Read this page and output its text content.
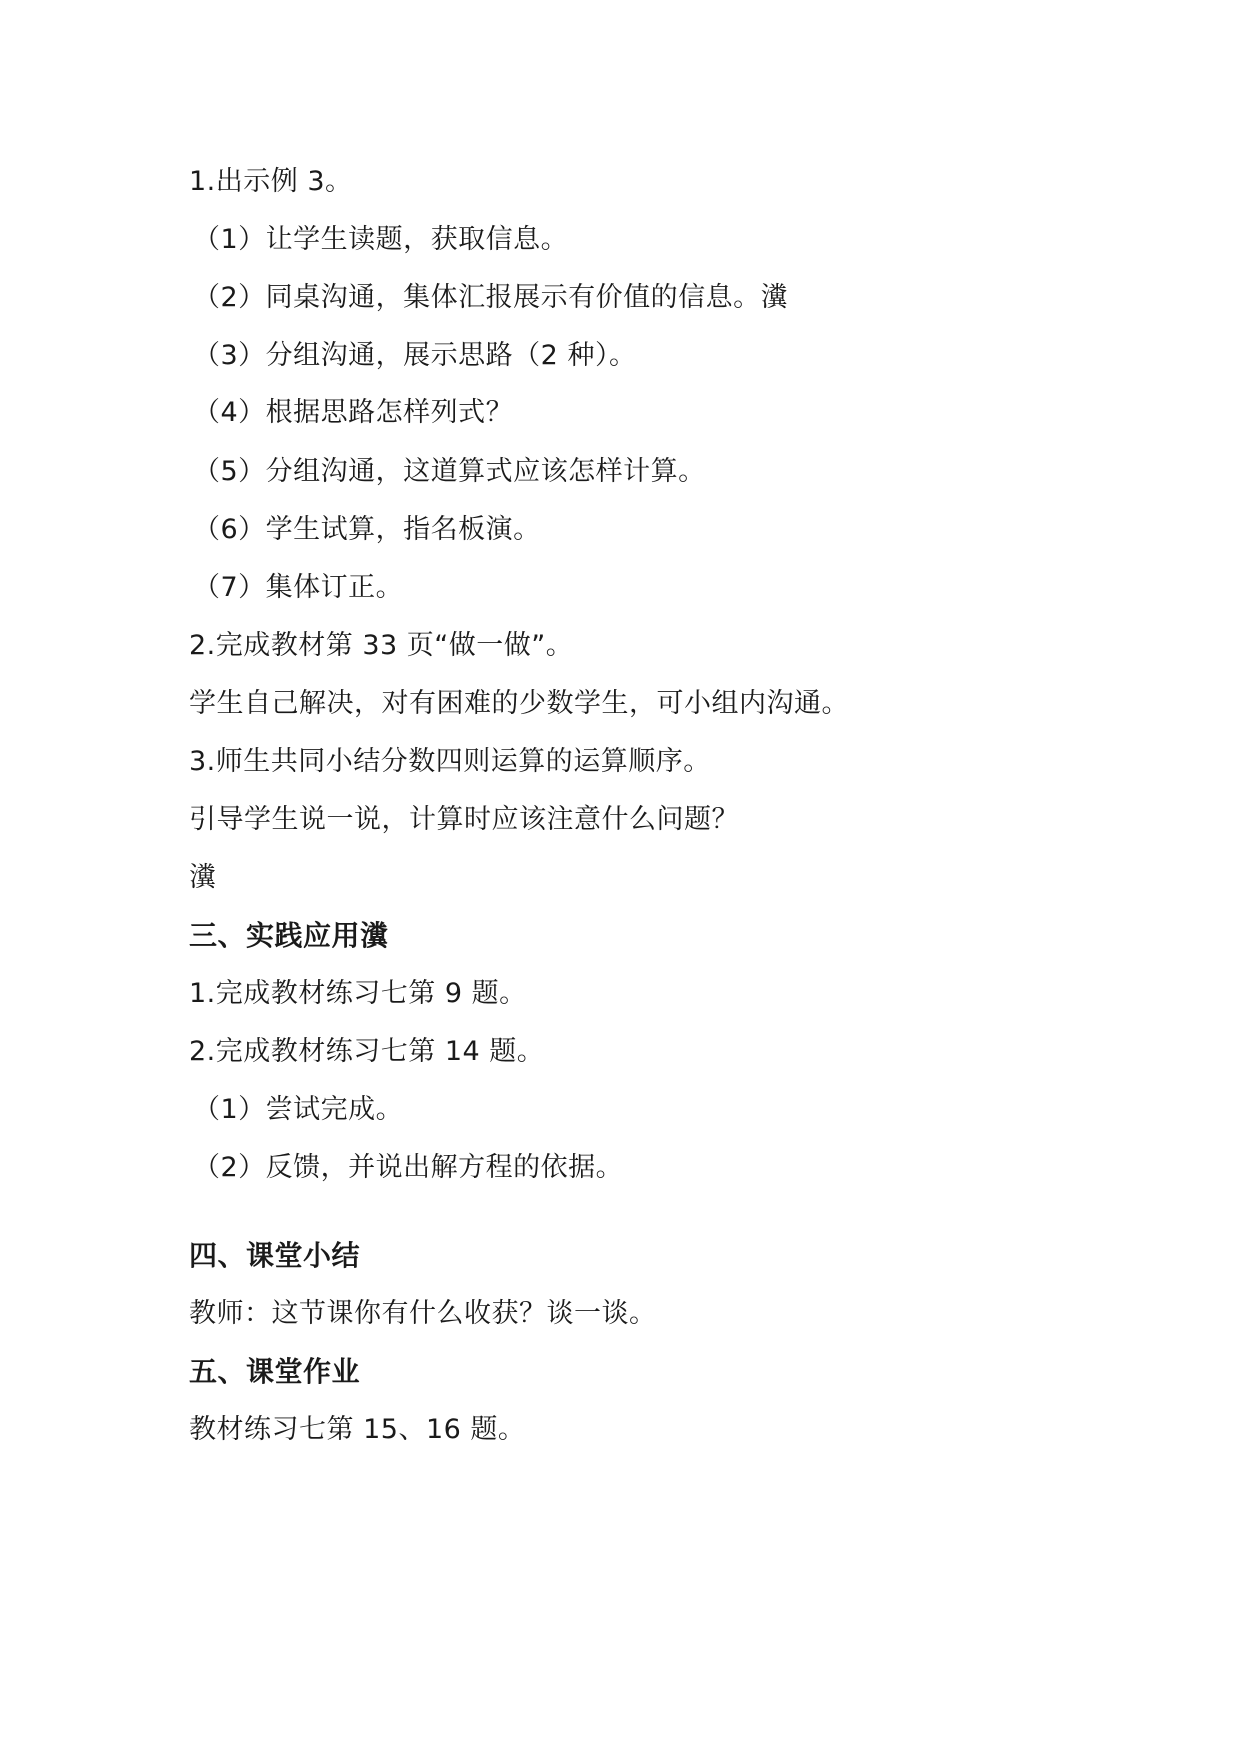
1.出示例 3。
（1）让学生读题，获取信息。
（2）同桌沟通，集体汇报展示有价值的信息。瀵
（3）分组沟通，展示思路（2 种）。
（4）根据思路怎样列式？
（5）分组沟通，这道算式应该怎样计算。
（6）学生试算，指名板演。
（7）集体订正。
2.完成教材第 33 页“做一做”。
学生自己解决，对有困难的少数学生，可小组内沟通。
3.师生共同小结分数四则运算的运算顺序。
引导学生说一说，计算时应该注意什么问题？
瀵
三、实践应用瀵
1.完成教材练习七第 9 题。
2.完成教材练习七第 14 题。
（1）尝试完成。
（2）反馈，并说出解方程的依据。
四、课堂小结
教师：这节课你有什么收获？谈一谈。
五、课堂作业
教材练习七第 15、16 题。
